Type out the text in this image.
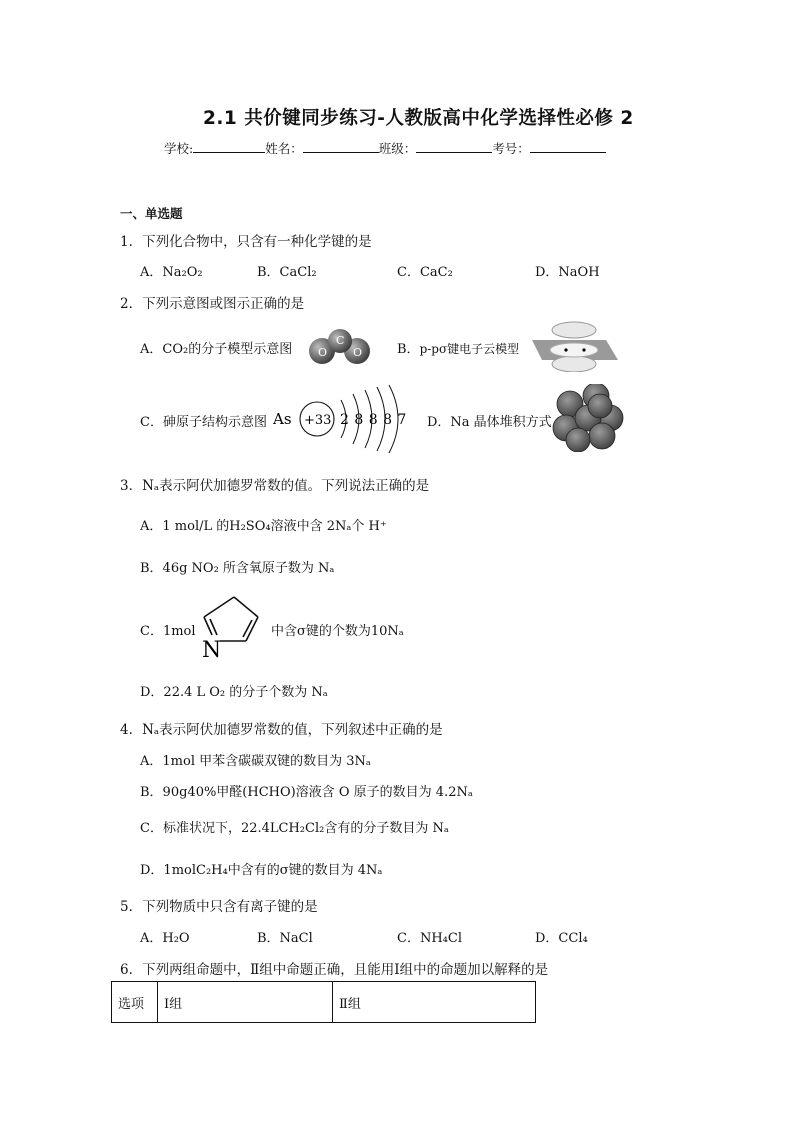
2.1 共价键同步练习-人教版高中化学选择性必修 2
学校:	姓名：	班级：	考号：
一、单选题
1．下列化合物中，只含有一种化学键的是
A．Na₂O₂	B．CaCl₂	C．CaC₂	D．NaOH
2．下列示意图或图示正确的是
A．CO₂的分子模型示意图 O
C
O	B．p-pσ键电子云模型
C．砷原子结构示意图 As +33 2 8 8 8 7 D．Na 晶体堆积方式
3．Nₐ表示阿伏加德罗常数的值。下列说法正确的是
A．1 mol/L 的H₂SO₄溶液中含 2Nₐ个 H⁺
B．46g NO₂ 所含氧原子数为 Nₐ
C．1mol
N
中含σ键的个数为10Nₐ
D．22.4 L O₂ 的分子个数为 Nₐ
4．Nₐ表示阿伏加德罗常数的值，下列叙述中正确的是
A．1mol 甲苯含碳碳双键的数目为 3Nₐ
B．90g40%甲醛(HCHO)溶液含 O 原子的数目为 4.2Nₐ
C．标准状况下，22.4LCH₂Cl₂含有的分子数目为 Nₐ
D．1molC₂H₄中含有的σ键的数目为 4Nₐ
5．下列物质中只含有离子键的是
A．H₂O	B．NaCl	C．NH₄Cl	D．CCl₄
6．下列两组命题中，Ⅱ组中命题正确，且能用Ⅰ组中的命题加以解释的是
选项	Ⅰ组	Ⅱ组
